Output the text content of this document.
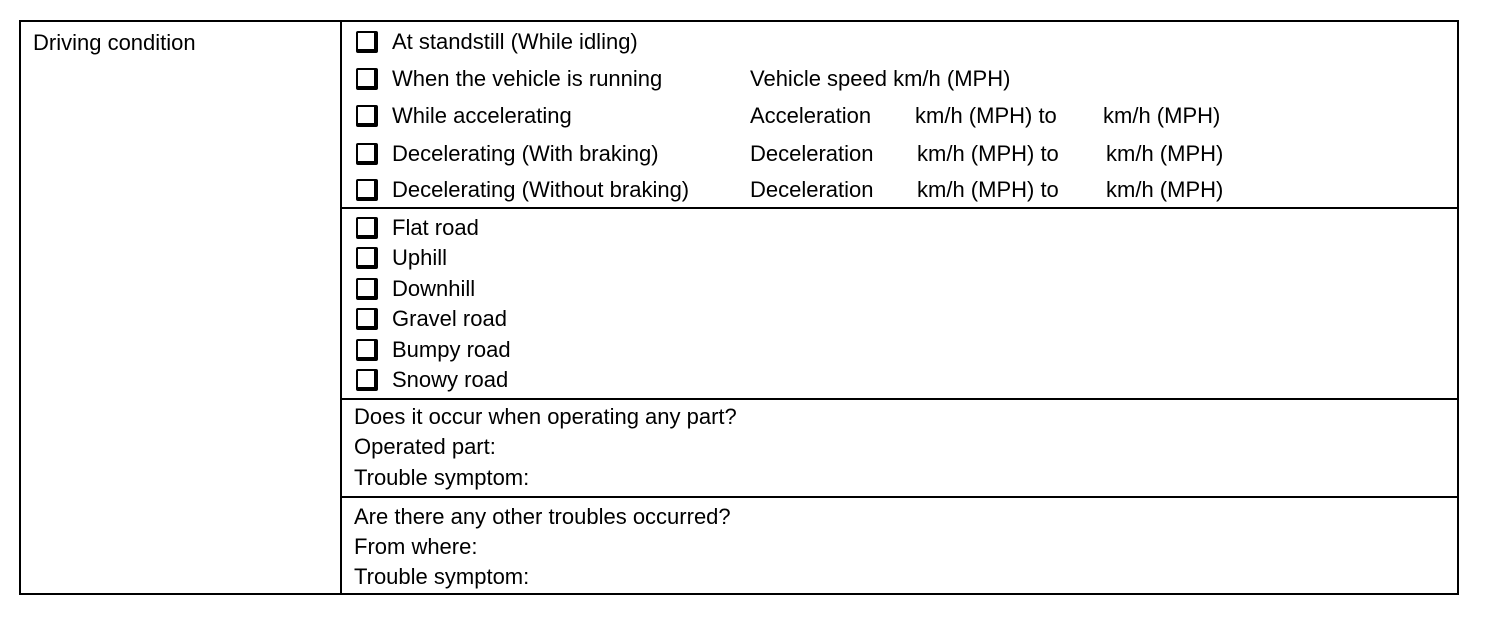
Driving condition	At standstill (While idling)
When the vehicle is running	Vehicle speed km/h (MPH)
While accelerating	Acceleration km/h (MPH) to km/h (MPH)
Decelerating (With braking)	Deceleration km/h (MPH) to km/h (MPH)
Decelerating (Without braking)	Deceleration km/h (MPH) to km/h (MPH)
Flat road
Uphill
Downhill
Gravel road
Bumpy road
Snowy road
Does it occur when operating any part?
Operated part:
Trouble symptom:
Are there any other troubles occurred?
From where:
Trouble symptom:
